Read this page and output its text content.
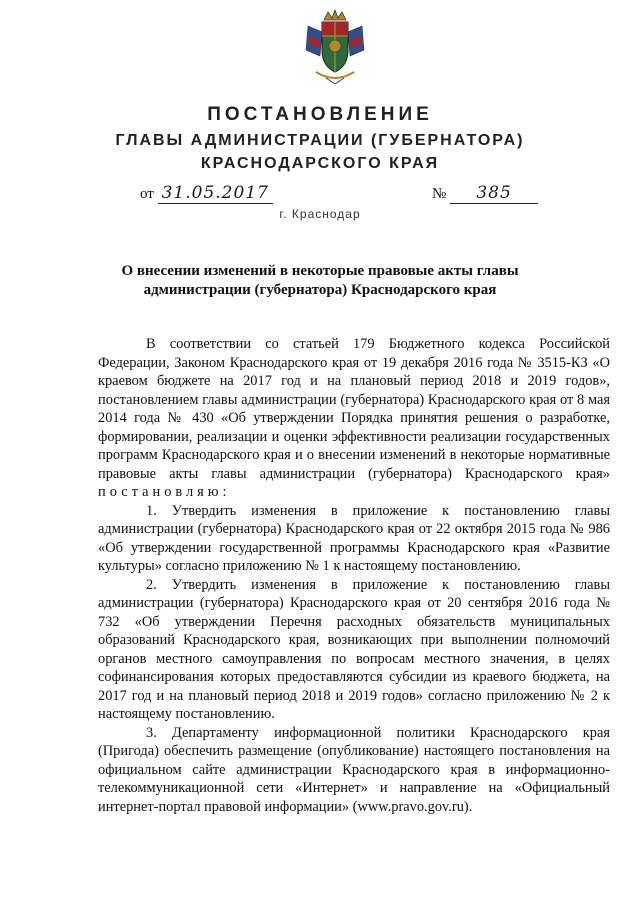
ПОСТАНОВЛЕНИЕ
ГЛАВЫ АДМИНИСТРАЦИИ (ГУБЕРНАТОРА)
КРАСНОДАРСКОГО КРАЯ
от 31.05.2017	№ 385
г. Краснодар
О внесении изменений в некоторые правовые акты главы администрации (губернатора) Краснодарского края

В соответствии со статьей 179 Бюджетного кодекса Российской Федерации, Законом Краснодарского края от 19 декабря 2016 года № 3515-КЗ «О краевом бюджете на 2017 год и на плановый период 2018 и 2019 годов», постановлением главы администрации (губернатора) Краснодарского края от 8 мая 2014 года № 430 «Об утверждении Порядка принятия решения о разработке, формировании, реализации и оценки эффективности реализации государственных программ Краснодарского края и о внесении изменений в некоторые нормативные правовые акты главы администрации (губернатора) Краснодарского края» постановляю:

1. Утвердить изменения в приложение к постановлению главы администрации (губернатора) Краснодарского края от 22 октября 2015 года № 986 «Об утверждении государственной программы Краснодарского края «Развитие культуры» согласно приложению № 1 к настоящему постановлению.

2. Утвердить изменения в приложение к постановлению главы администрации (губернатора) Краснодарского края от 20 сентября 2016 года № 732 «Об утверждении Перечня расходных обязательств муниципальных образований Краснодарского края, возникающих при выполнении полномочий органов местного самоуправления по вопросам местного значения, в целях софинансирования которых предоставляются субсидии из краевого бюджета, на 2017 год и на плановый период 2018 и 2019 годов» согласно приложению № 2 к настоящему постановлению.

3. Департаменту информационной политики Краснодарского края (Пригода) обеспечить размещение (опубликование) настоящего постановления на официальном сайте администрации Краснодарского края в информационно-телекоммуникационной сети «Интернет» и направление на «Официальный интернет-портал правовой информации» (www.pravo.gov.ru).
